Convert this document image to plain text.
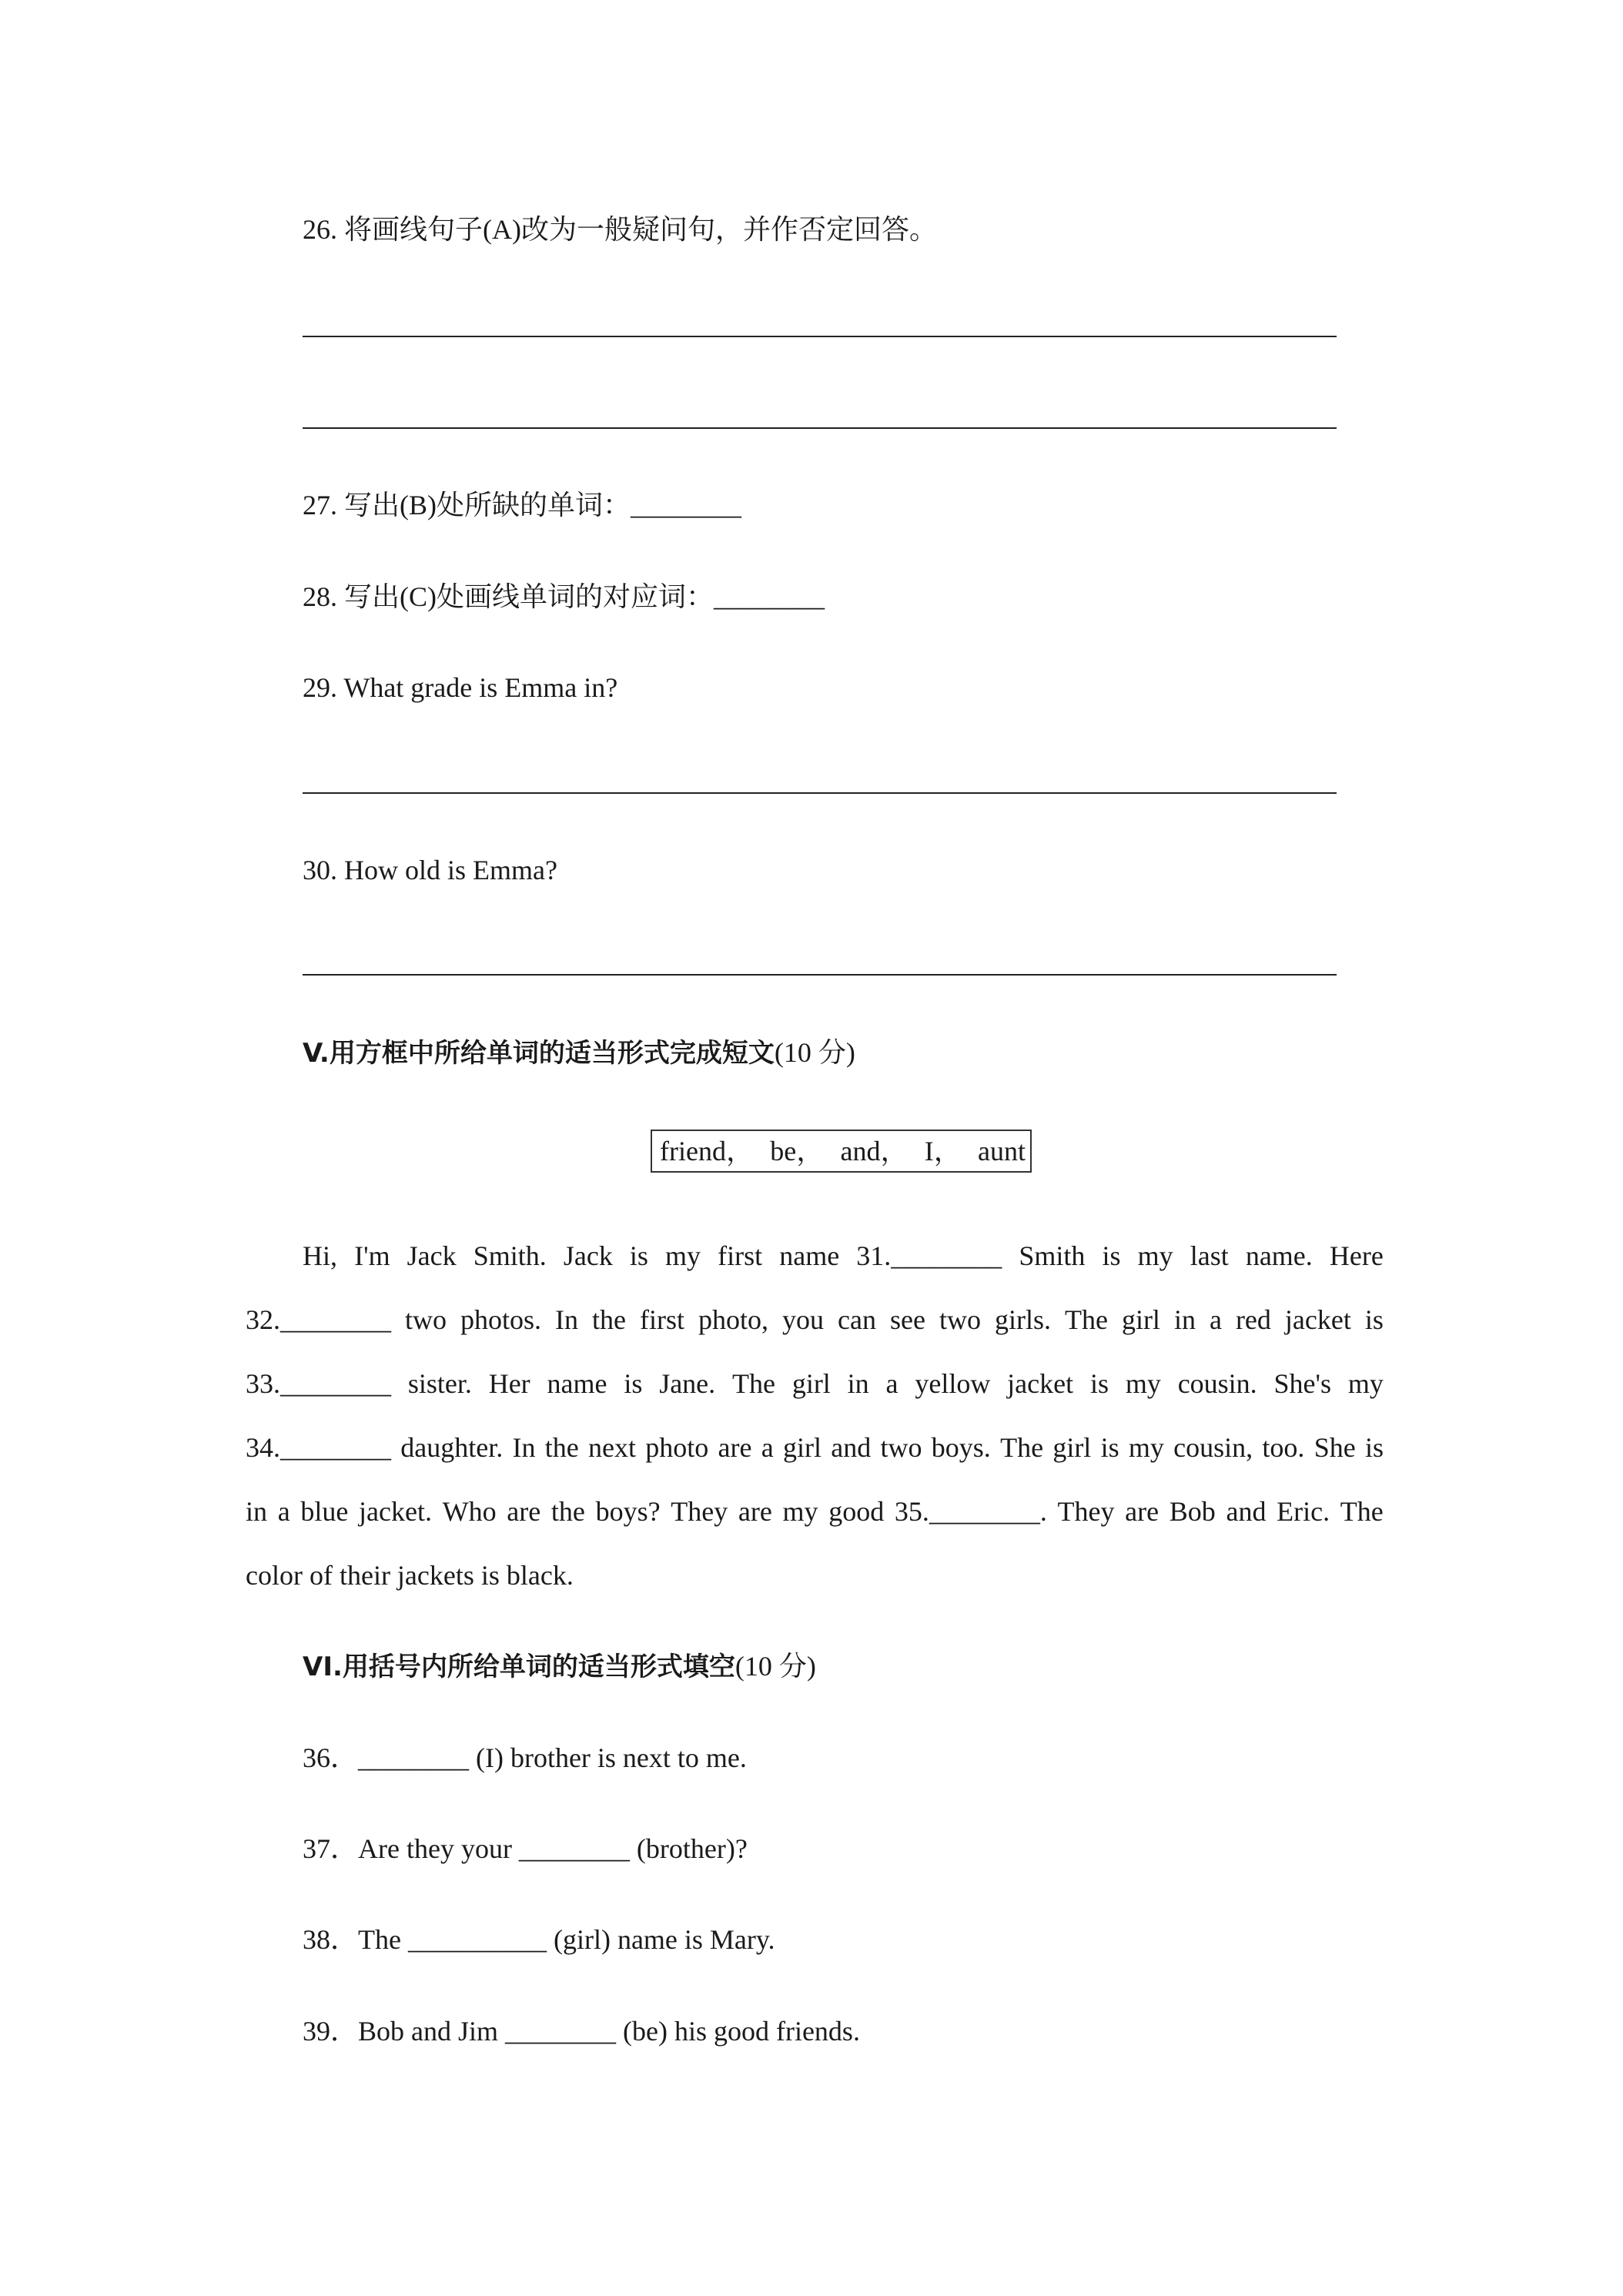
26. 将画线句子(A)改为一般疑问句，并作否定回答。
27. 写出(B)处所缺的单词：________
28. 写出(C)处画线单词的对应词：________
29. What grade is Emma in?
30. How old is Emma?
V.用方框中所给单词的适当形式完成短文(10 分)
friend， be， and， I， aunt
Hi, I'm Jack Smith. Jack is my first name 31.________ Smith is my last name. Here
32.________ two photos. In the first photo, you can see two girls. The girl in a red jacket is
33.________ sister. Her name is Jane. The girl in a yellow jacket is my cousin. She's my
34.________ daughter. In the next photo are a girl and two boys. The girl is my cousin, too. She is
in a blue jacket. Who are the boys? They are my good 35.________. They are Bob and Eric. The
color of their jackets is black.
VI.用括号内所给单词的适当形式填空(10 分)
36．________ (I) brother is next to me.
37．Are they your ________ (brother)?
38．The __________ (girl) name is Mary.
39．Bob and Jim ________ (be) his good friends.
